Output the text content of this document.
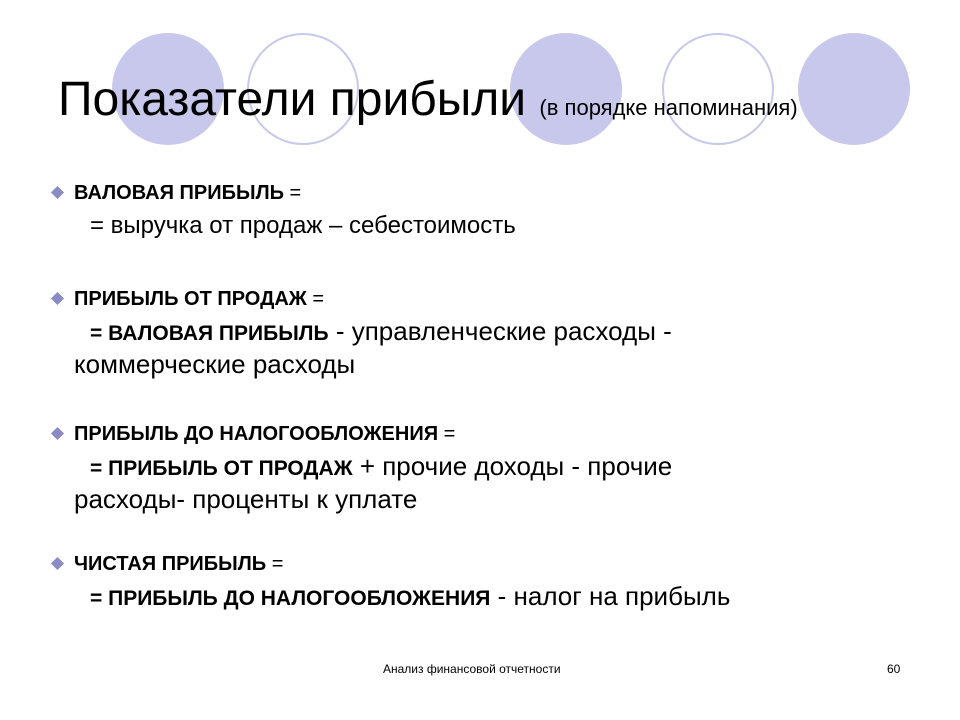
Показатели прибыли (в порядке напоминания)
ВАЛОВАЯ ПРИБЫЛЬ =
= выручка от продаж – себестоимость
ПРИБЫЛЬ ОТ ПРОДАЖ =
= ВАЛОВАЯ ПРИБЫЛЬ - управленческие расходы -
коммерческие расходы
ПРИБЫЛЬ ДО НАЛОГООБЛОЖЕНИЯ =
= ПРИБЫЛЬ ОТ ПРОДАЖ + прочие доходы - прочие
расходы- проценты к уплате
ЧИСТАЯ ПРИБЫЛЬ =
= ПРИБЫЛЬ ДО НАЛОГООБЛОЖЕНИЯ - налог на прибыль
Анализ финансовой отчетности	60
